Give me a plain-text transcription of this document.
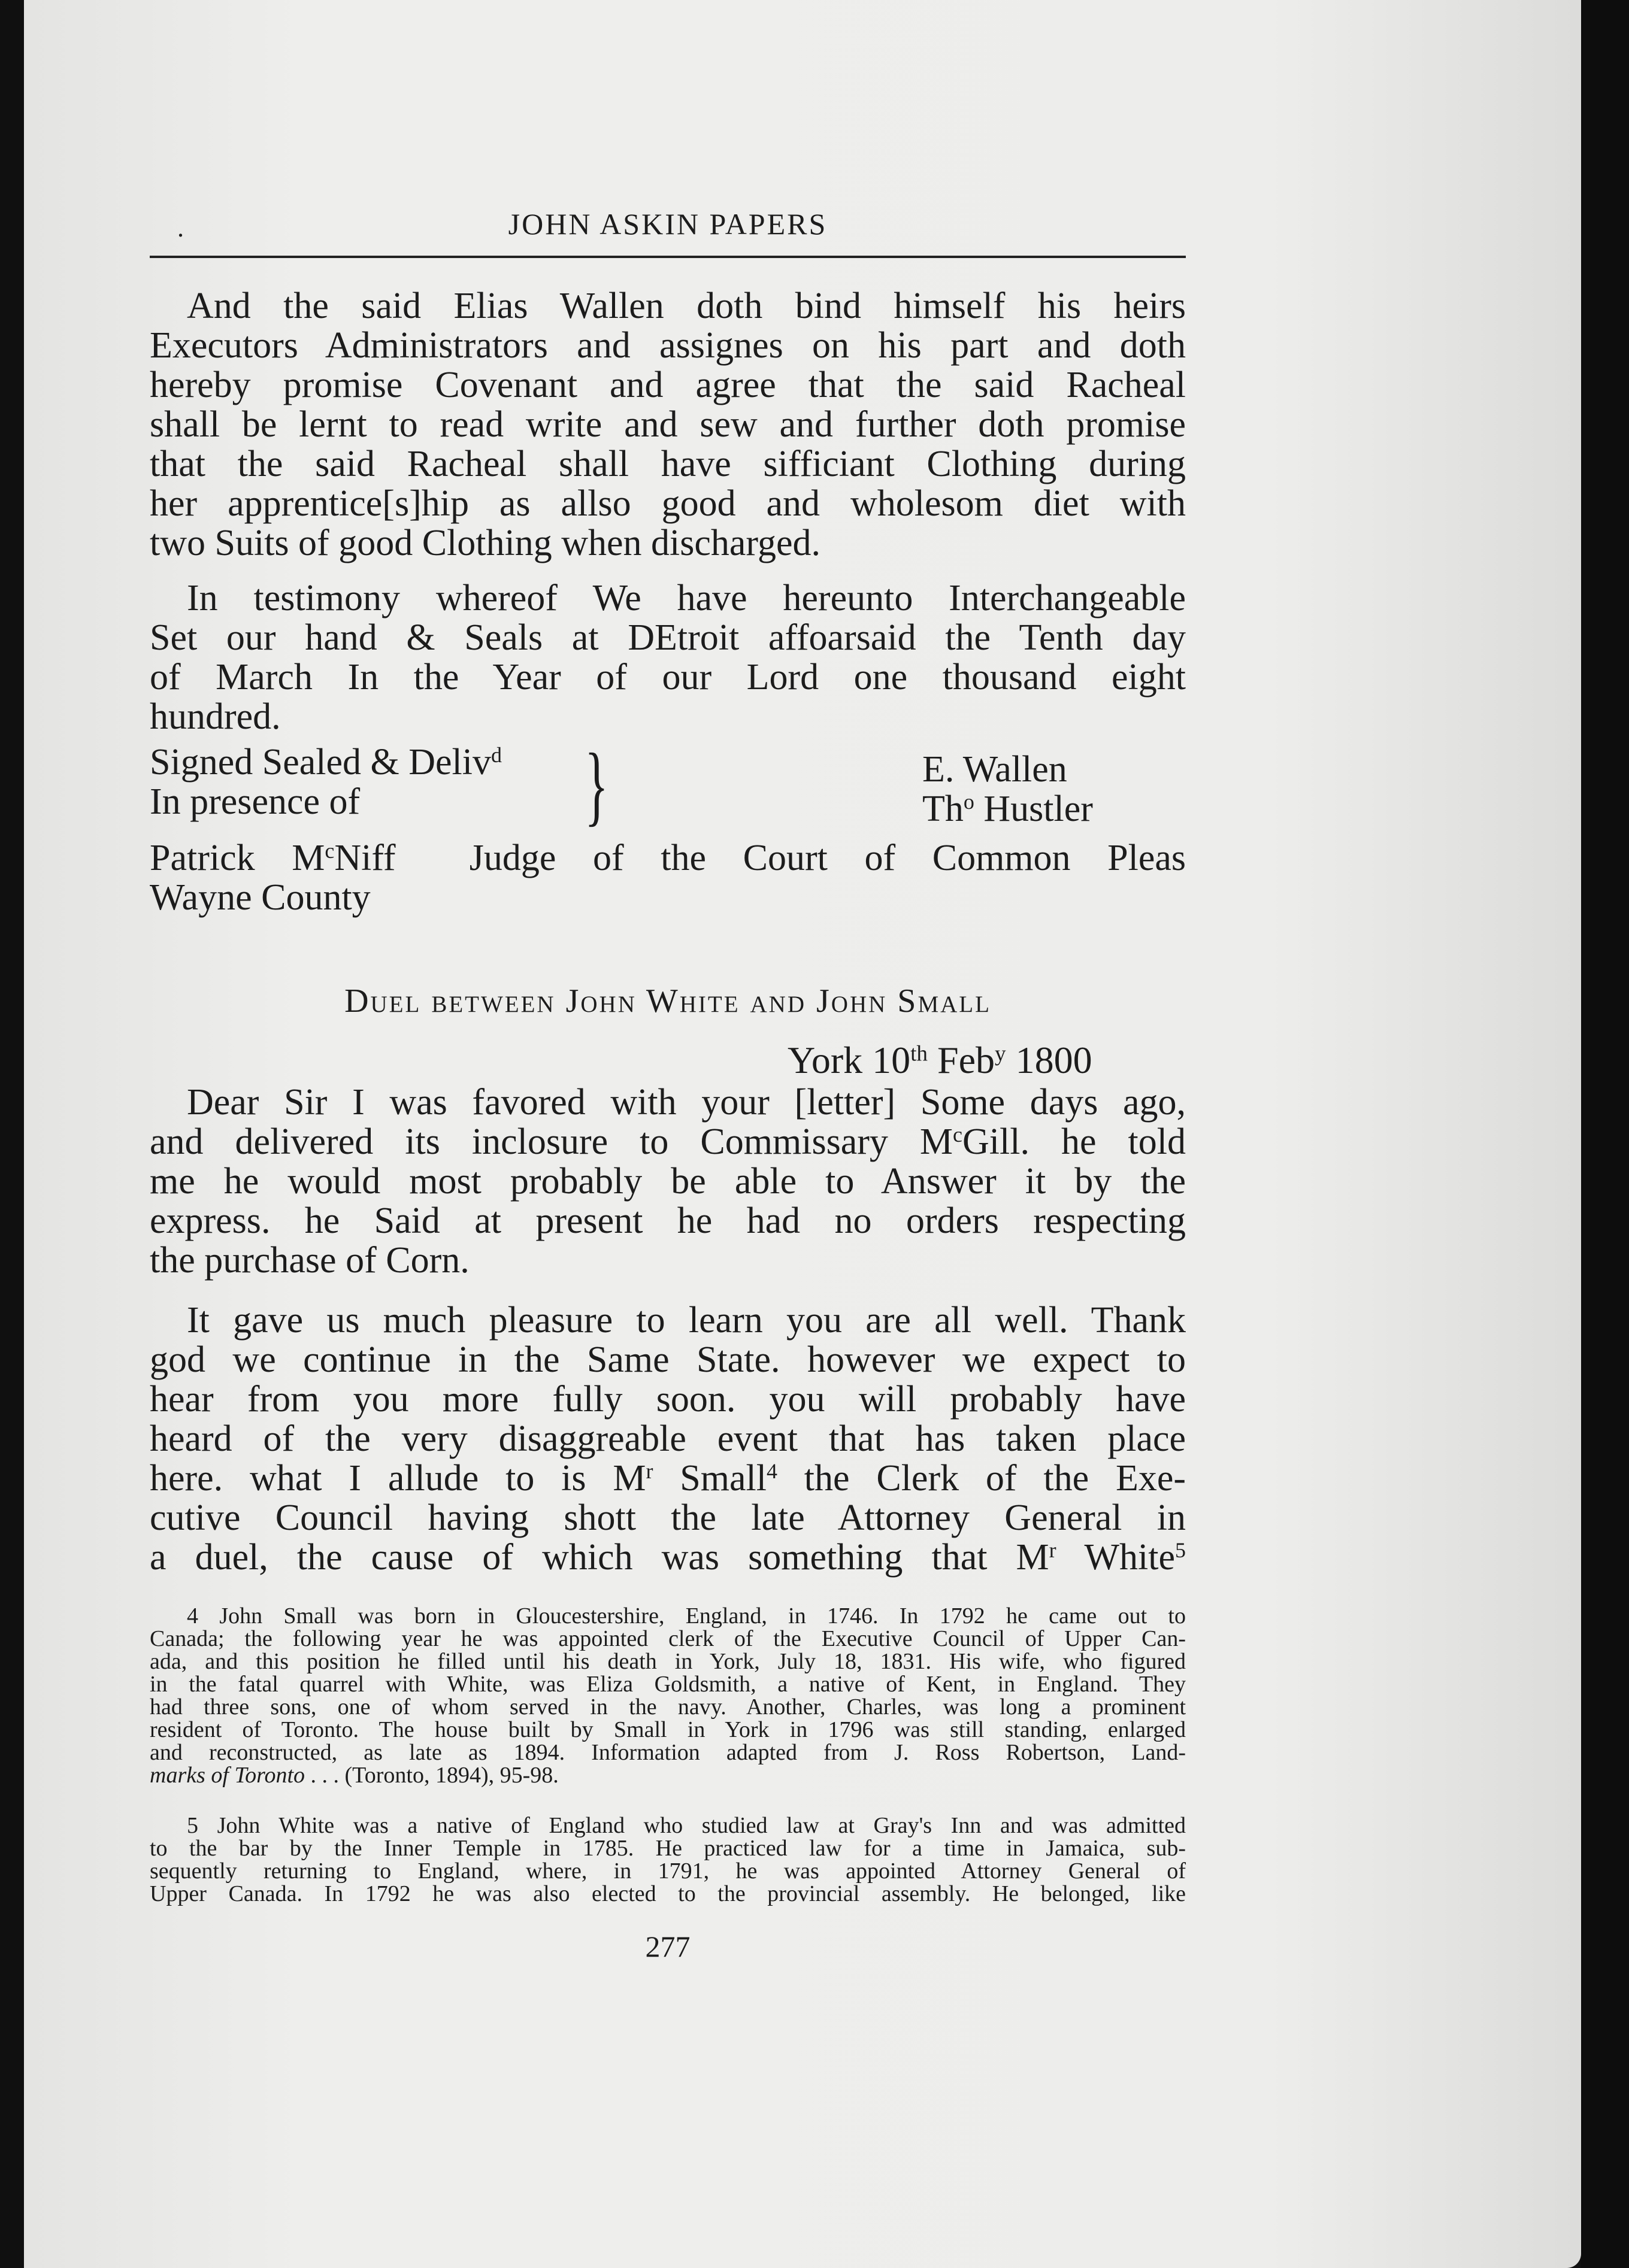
.	JOHN ASKIN PAPERS
And the said Elias Wallen doth bind himself his heirs
Executors Administrators and assignes on his part and doth
hereby promise Covenant and agree that the said Racheal
shall be lernt to read write and sew and further doth promise
that the said Racheal shall have sifficiant Clothing during
her apprentice[s]hip as allso good and wholesom diet with
two Suits of good Clothing when discharged.
In testimony whereof We have hereunto Interchangeable
Set our hand & Seals at DEtroit affoarsaid the Tenth day
of March In the Year of our Lord one thousand eight
hundred.
Signed Sealed & Deliv$^d$
In presence of	}	E. Wallen
Th$^o$ Hustler
Patrick $M^cNiff$ Judge of the Court of Common Pleas
Wayne County
Duel between John White and John Small
York 10th Feb$^y$ 1800
Dear Sir I was favored with your [letter] Some days ago,
and delivered its inclosure to Commissary $M^cGill$. he told
me he would most probably be able to Answer it by the
express. he Said at present he had no orders respecting
the purchase of Corn.
It gave us much pleasure to learn you are all well. Thank
god we continue in the Same State. however we expect to
hear from you more fully soon. you will probably have
heard of the very disaggreable event that has taken place
here. what I allude to is $M^r$ Small$^4$ the Clerk of the Exe-
cutive Council having shott the late Attorney General in
a duel, the cause of which was something that $M^r$ White$^5$
4 John Small was born in Gloucestershire, England, in 1746. In 1792 he came out to
Canada; the following year he was appointed clerk of the Executive Council of Upper Can-
ada, and this position he filled until his death in York, July 18, 1831. His wife, who figured
in the fatal quarrel with White, was Eliza Goldsmith, a native of Kent, in England. They
had three sons, one of whom served in the navy. Another, Charles, was long a prominent
resident of Toronto. The house built by Small in York in 1796 was still standing, enlarged
and reconstructed, as late as 1894. Information adapted from J. Ross Robertson, Land-
marks of Toronto . . . (Toronto, 1894), 95-98.
5 John White was a native of England who studied law at Gray's Inn and was admitted
to the bar by the Inner Temple in 1785. He practiced law for a time in Jamaica, sub-
sequently returning to England, where, in 1791, he was appointed Attorney General of
Upper Canada. In 1792 he was also elected to the provincial assembly. He belonged, like
277
